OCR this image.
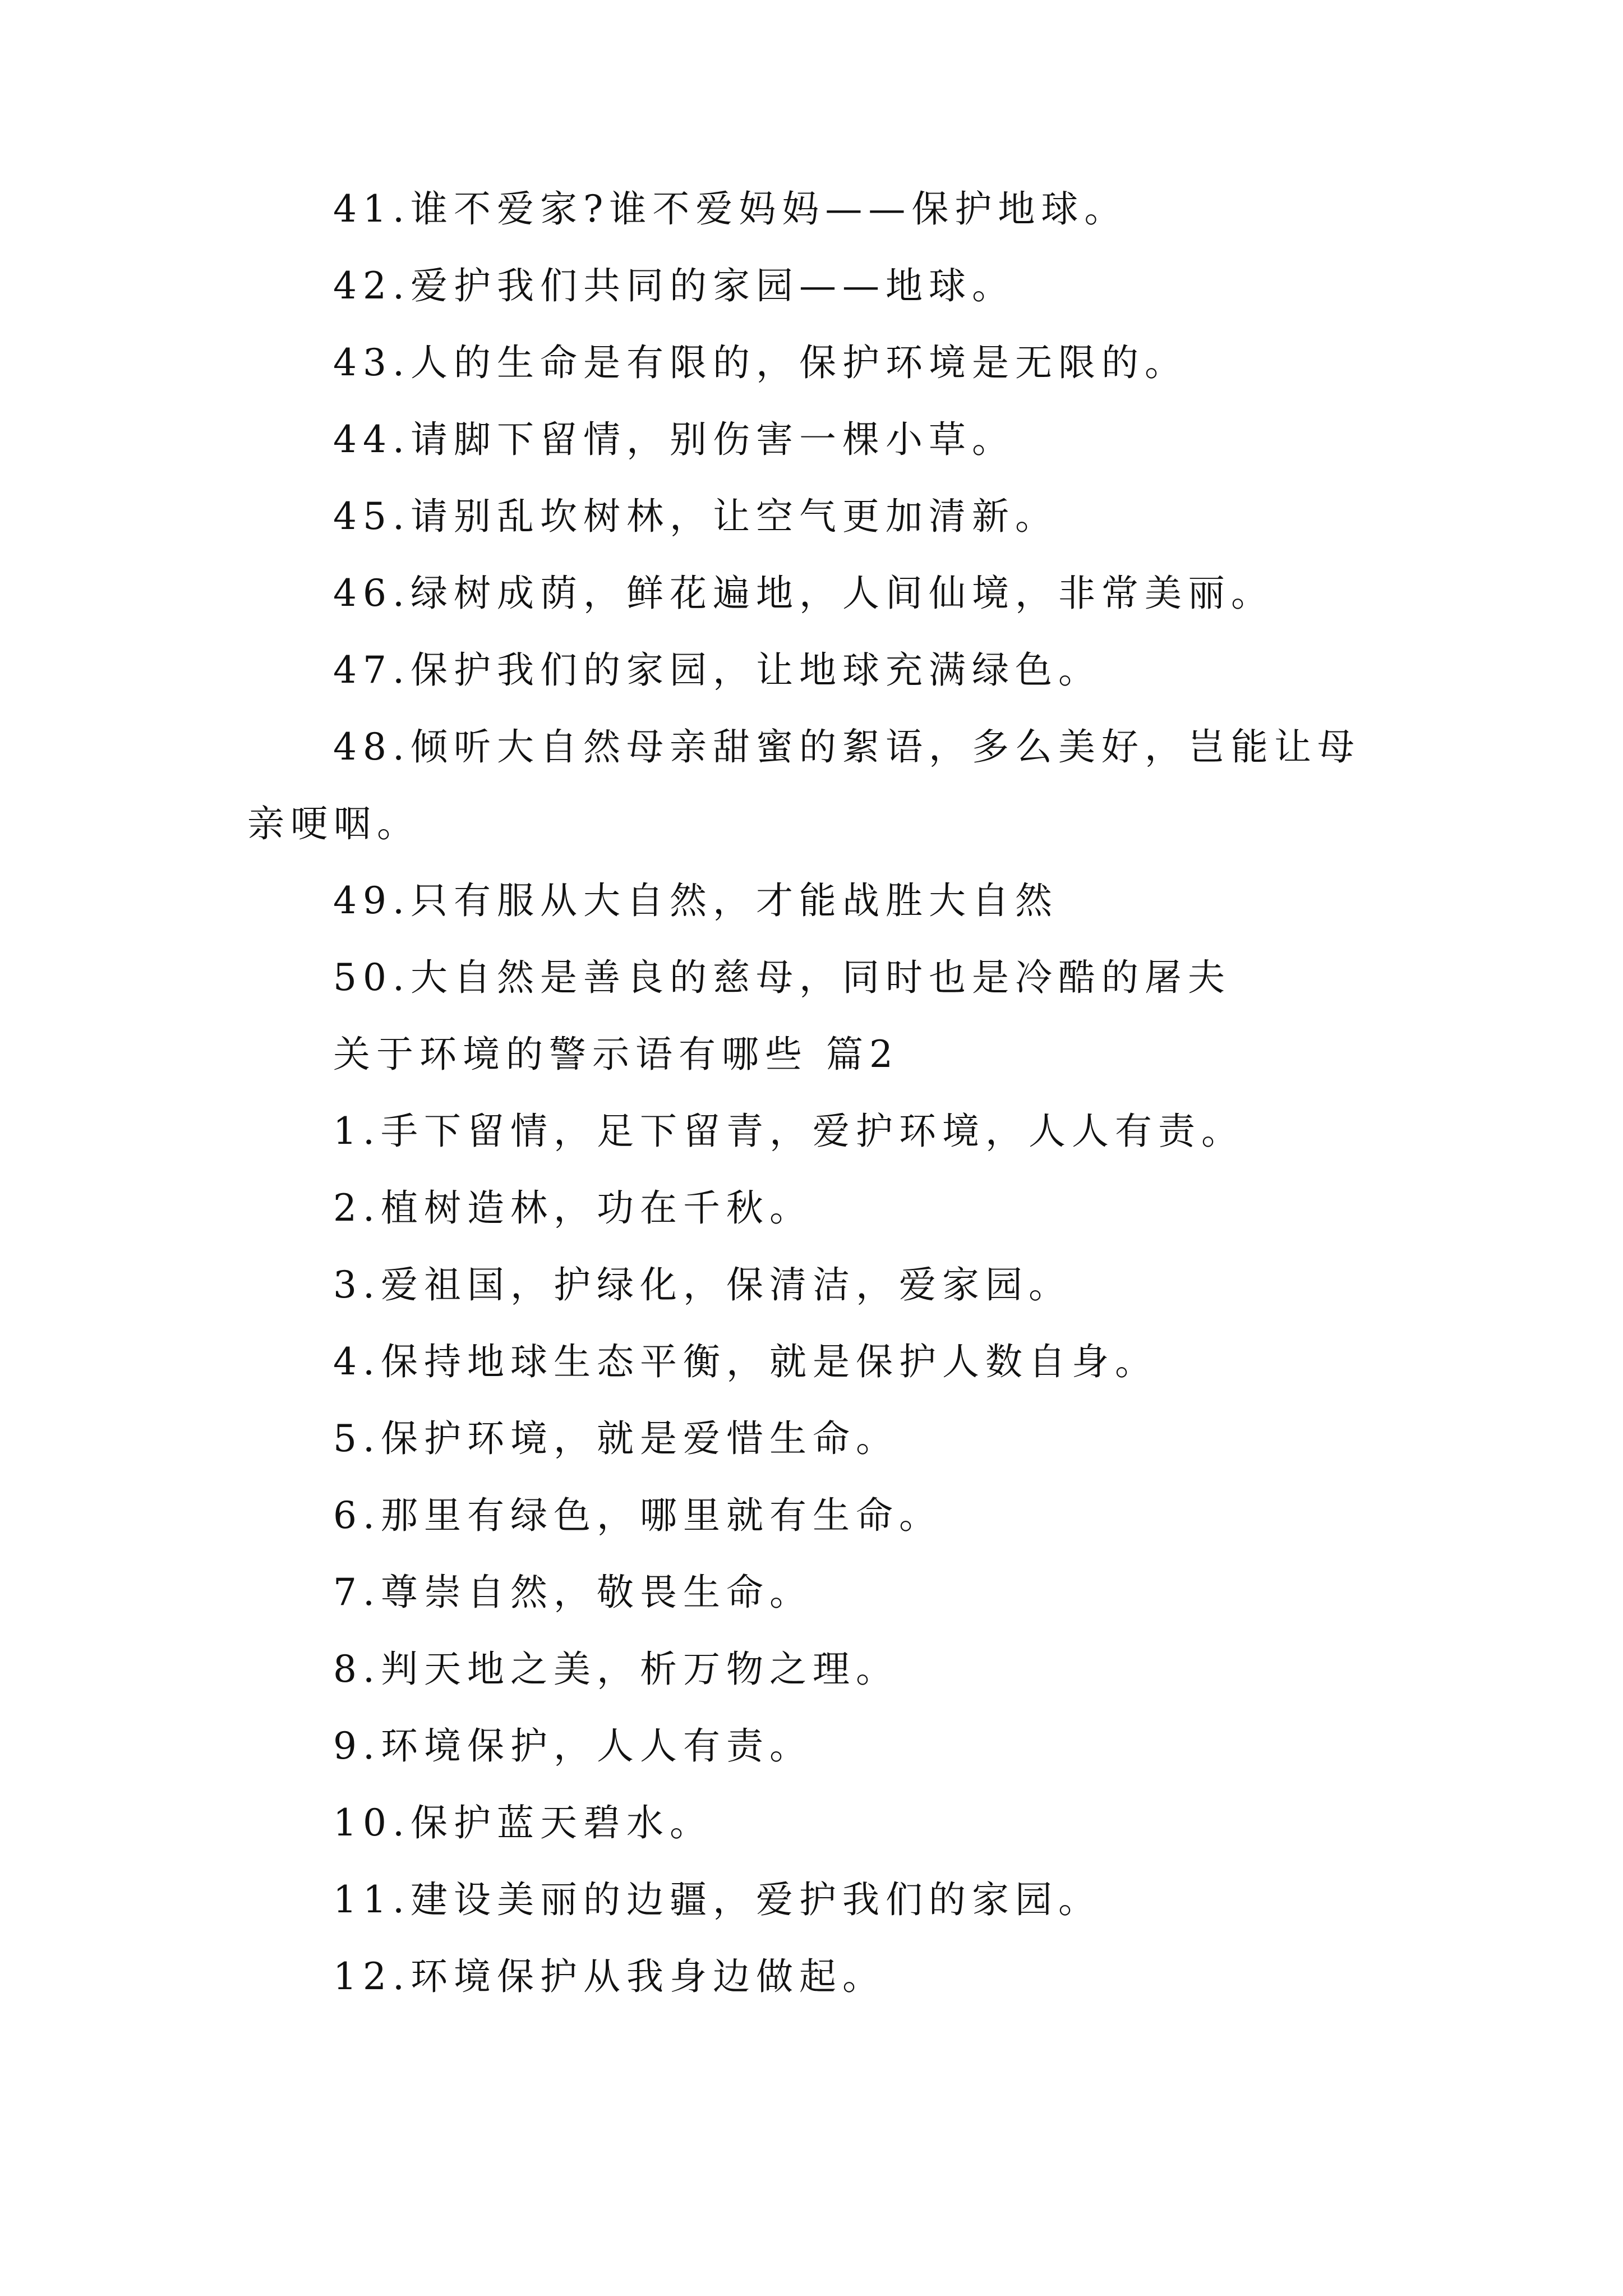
41.谁不爱家?谁不爱妈妈——保护地球。
42.爱护我们共同的家园——地球。
43.人的生命是有限的，保护环境是无限的。
44.请脚下留情，别伤害一棵小草。
45.请别乱坎树林，让空气更加清新。
46.绿树成荫，鲜花遍地，人间仙境，非常美丽。
47.保护我们的家园，让地球充满绿色。
48.倾听大自然母亲甜蜜的絮语，多么美好，岂能让母
亲哽咽。
49.只有服从大自然，才能战胜大自然
50.大自然是善良的慈母，同时也是冷酷的屠夫
关于环境的警示语有哪些 篇2
1.手下留情，足下留青，爱护环境，人人有责。
2.植树造林，功在千秋。
3.爱祖国，护绿化，保清洁，爱家园。
4.保持地球生态平衡，就是保护人数自身。
5.保护环境，就是爱惜生命。
6.那里有绿色，哪里就有生命。
7.尊崇自然，敬畏生命。
8.判天地之美，析万物之理。
9.环境保护，人人有责。
10.保护蓝天碧水。
11.建设美丽的边疆，爱护我们的家园。
12.环境保护从我身边做起。
